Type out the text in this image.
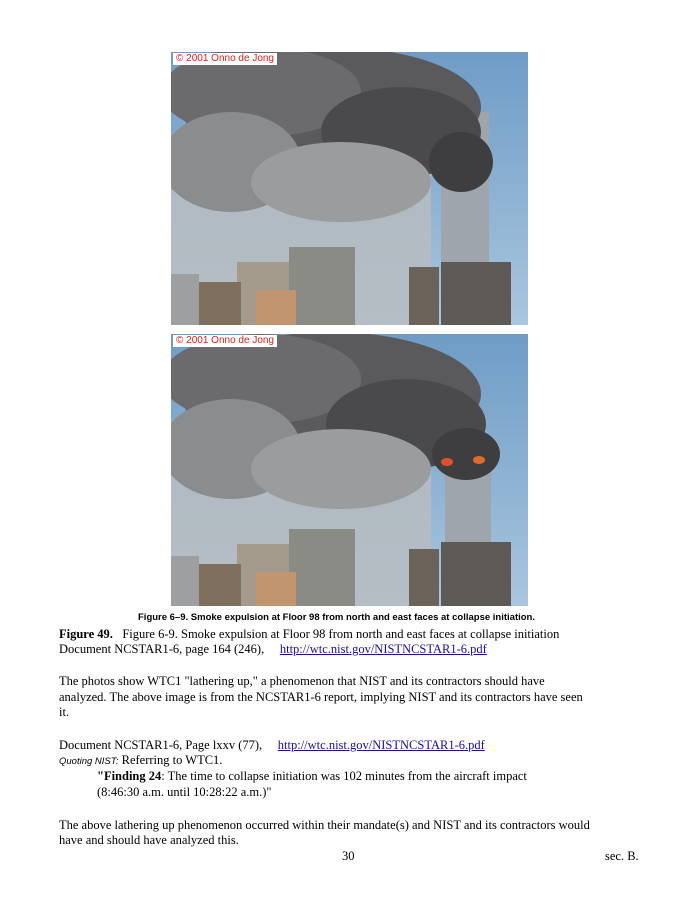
© 2001 Onno de Jong
© 2001 Onno de Jong
Figure 6–9. Smoke expulsion at Floor 98 from north and east faces at collapse initiation.
Figure 49. Figure 6-9. Smoke expulsion at Floor 98 from north and east faces at collapse initiation
Document NCSTAR1-6, page 164 (246), http://wtc.nist.gov/NISTNCSTAR1-6.pdf
The photos show WTC1 "lathering up," a phenomenon that NIST and its contractors should have
analyzed. The above image is from the NCSTAR1-6 report, implying NIST and its contractors have seen
it.
Document NCSTAR1-6, Page lxxv (77), http://wtc.nist.gov/NISTNCSTAR1-6.pdf
Quoting NIST: Referring to WTC1.
"Finding 24: The time to collapse initiation was 102 minutes from the aircraft impact
(8:46:30 a.m. until 10:28:22 a.m.)"
The above lathering up phenomenon occurred within their mandate(s) and NIST and its contractors would
have and should have analyzed this.
30	sec. B.
